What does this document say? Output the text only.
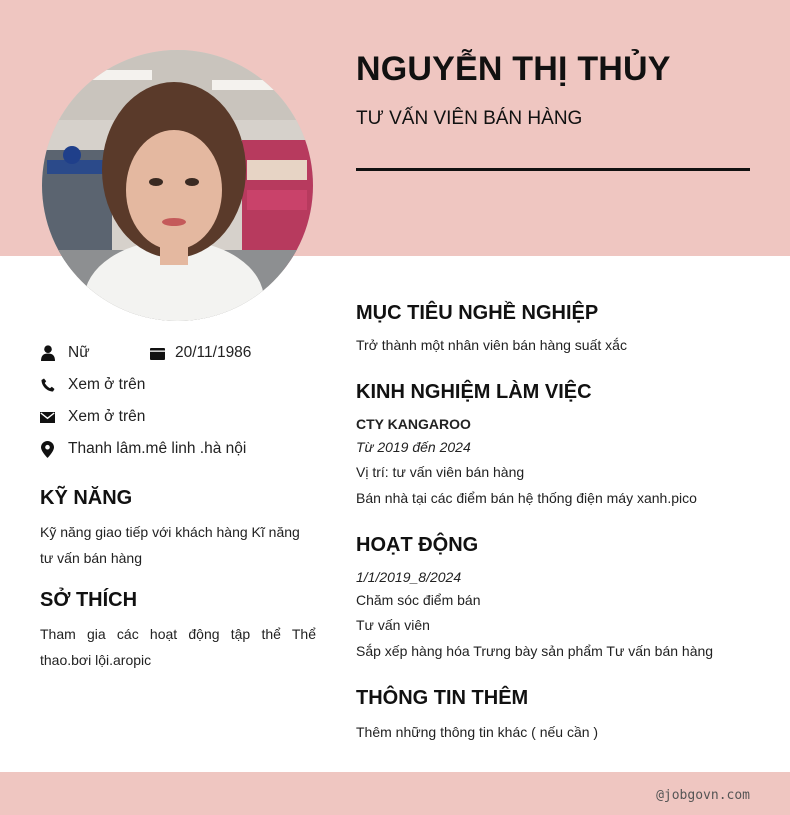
NGUYỄN THỊ THỦY
TƯ VẤN VIÊN BÁN HÀNG
Nữ	20/11/1986
Xem ở trên
Xem ở trên
Thanh lâm.mê linh .hà nội
KỸ NĂNG
Kỹ năng giao tiếp với khách hàng Kĩ năng tư vấn bán hàng
SỞ THÍCH
Tham gia các hoạt động tập thể Thể thao.bơi lội.aropic
MỤC TIÊU NGHỀ NGHIỆP
Trở thành một nhân viên bán hàng suất xắc
KINH NGHIỆM LÀM VIỆC
CTY KANGAROO
Từ 2019 đến 2024
Vị trí: tư vấn viên bán hàng
Bán nhà tại các điểm bán hệ thống điện máy xanh.pico
HOẠT ĐỘNG
1/1/2019_8/2024
Chăm sóc điểm bán
Tư vấn viên
Sắp xếp hàng hóa Trưng bày sản phẩm Tư vấn bán hàng
THÔNG TIN THÊM
Thêm những thông tin khác ( nếu cần )
@jobgovn.com
